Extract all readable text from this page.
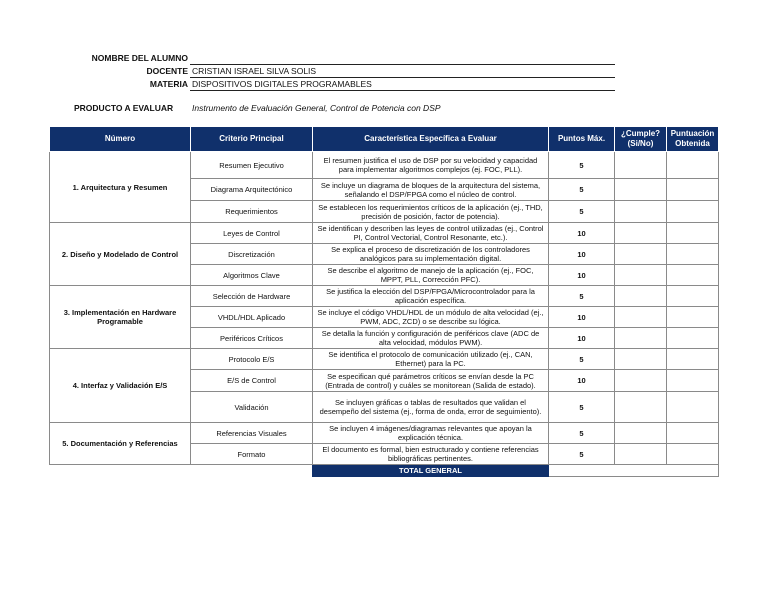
NOMBRE DEL ALUMNO
DOCENTE CRISTIAN ISRAEL SILVA SOLIS
MATERIA DISPOSITIVOS DIGITALES PROGRAMABLES
PRODUCTO A EVALUAR Instrumento de Evaluación General, Control de Potencia con DSP
Número	Criterio Principal	Característica Específica a Evaluar	Puntos Máx.	¿Cumple? (Si/No)	Puntuación Obtenida
1. Arquitectura y Resumen	Resumen Ejecutivo	El resumen justifica el uso de DSP por su velocidad y capacidad para implementar algoritmos complejos (ej. FOC, PLL).	5		
	Diagrama Arquitectónico	Se incluye un diagrama de bloques de la arquitectura del sistema, señalando el DSP/FPGA como el núcleo de control.	5		
	Requerimientos	Se establecen los requerimientos críticos de la aplicación (ej., THD, precisión de posición, factor de potencia).	5		
2. Diseño y Modelado de Control	Leyes de Control	Se identifican y describen las leyes de control utilizadas (ej., Control PI, Control Vectorial, Control Resonante, etc.).	10		
	Discretización	Se explica el proceso de discretización de los controladores analógicos para su implementación digital.	10		
	Algoritmos Clave	Se describe el algoritmo de manejo de la aplicación (ej., FOC, MPPT, PLL, Corrección PFC).	10		
3. Implementación en Hardware Programable	Selección de Hardware	Se justifica la elección del DSP/FPGA/Microcontrolador para la aplicación específica.	5		
	VHDL/HDL Aplicado	Se incluye el código VHDL/HDL de un módulo de alta velocidad (ej., PWM, ADC, ZCD) o se describe su lógica.	10		
	Periféricos Críticos	Se detalla la función y configuración de periféricos clave (ADC de alta velocidad, módulos PWM).	10		
4. Interfaz y Validación E/S	Protocolo E/S	Se identifica el protocolo de comunicación utilizado (ej., CAN, Ethernet) para la PC.	5		
	E/S de Control	Se especifican qué parámetros críticos se envían desde la PC (Entrada de control) y cuáles se monitorean (Salida de estado).	10		
	Validación	Se incluyen gráficas o tablas de resultados que validan el desempeño del sistema (ej., forma de onda, error de seguimiento).	5		
5. Documentación y Referencias	Referencias Visuales	Se incluyen 4 imágenes/diagramas relevantes que apoyan la explicación técnica.	5		
	Formato	El documento es formal, bien estructurado y contiene referencias bibliográficas pertinentes.	5		
		TOTAL GENERAL			
